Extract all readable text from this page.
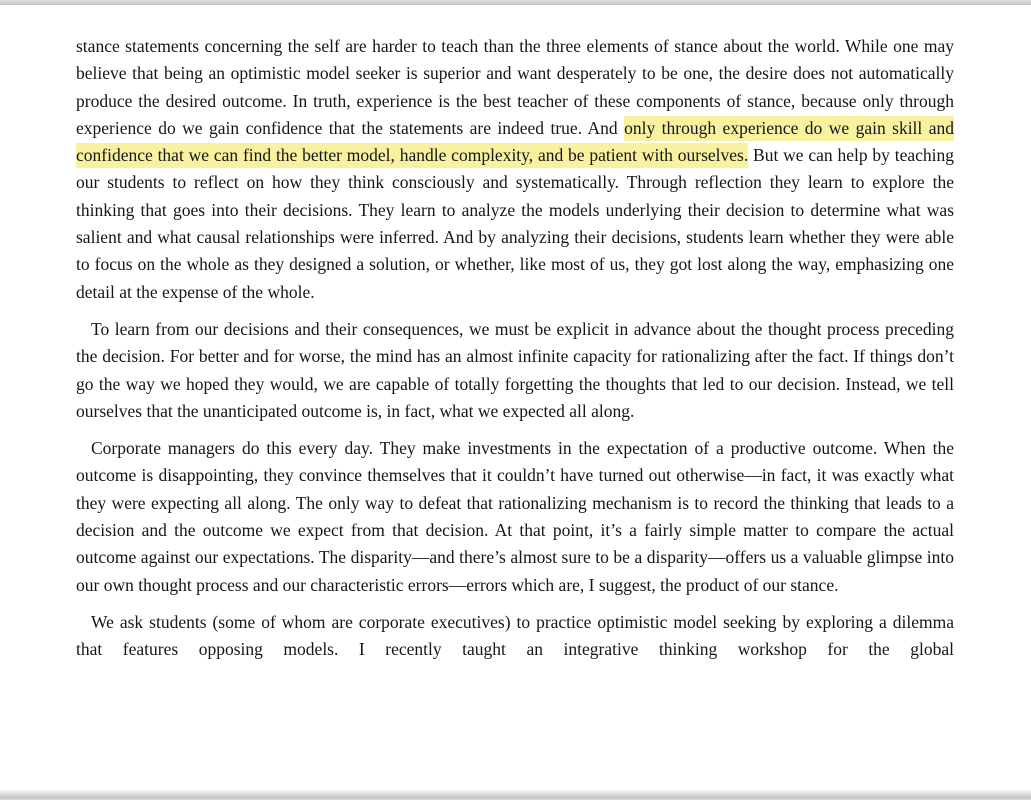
stance statements concerning the self are harder to teach than the three elements of stance about the world. While one may believe that being an optimistic model seeker is superior and want desperately to be one, the desire does not automatically produce the desired outcome. In truth, experience is the best teacher of these components of stance, because only through experience do we gain confidence that the statements are indeed true. And only through experience do we gain skill and confidence that we can find the better model, handle complexity, and be patient with ourselves. But we can help by teaching our students to reflect on how they think consciously and systematically. Through reflection they learn to explore the thinking that goes into their decisions. They learn to analyze the models underlying their decision to determine what was salient and what causal relationships were inferred. And by analyzing their decisions, students learn whether they were able to focus on the whole as they designed a solution, or whether, like most of us, they got lost along the way, emphasizing one detail at the expense of the whole.

To learn from our decisions and their consequences, we must be explicit in advance about the thought process preceding the decision. For better and for worse, the mind has an almost infinite capacity for rationalizing after the fact. If things don’t go the way we hoped they would, we are capable of totally forgetting the thoughts that led to our decision. Instead, we tell ourselves that the unanticipated outcome is, in fact, what we expected all along.

Corporate managers do this every day. They make investments in the expectation of a productive outcome. When the outcome is disappointing, they convince themselves that it couldn’t have turned out otherwise—in fact, it was exactly what they were expecting all along. The only way to defeat that rationalizing mechanism is to record the thinking that leads to a decision and the outcome we expect from that decision. At that point, it’s a fairly simple matter to compare the actual outcome against our expectations. The disparity—and there’s almost sure to be a disparity—offers us a valuable glimpse into our own thought process and our characteristic errors—errors which are, I suggest, the product of our stance.

We ask students (some of whom are corporate executives) to practice optimistic model seeking by exploring a dilemma that features opposing models. I recently taught an integrative thinking workshop for the global
